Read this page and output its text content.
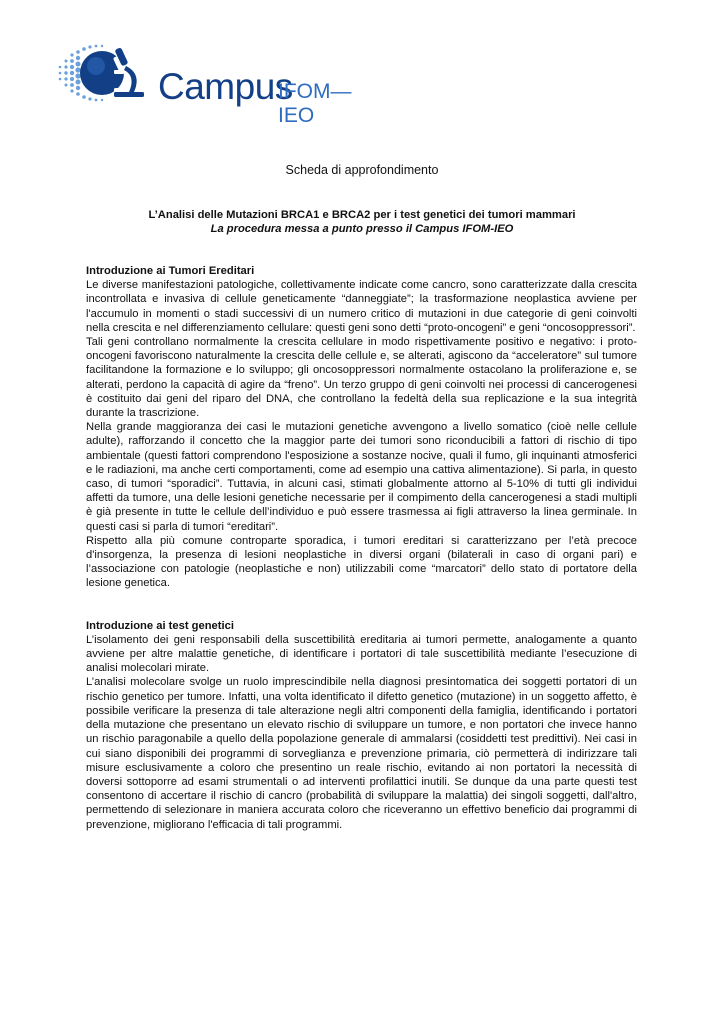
Campus
IFOM—IEO
Scheda di approfondimento
L’Analisi delle Mutazioni BRCA1 e BRCA2 per i test genetici dei tumori mammari
La procedura messa a punto presso il Campus IFOM-IEO
Introduzione ai Tumori Ereditari

Le diverse manifestazioni patologiche, collettivamente indicate come cancro, sono caratterizzate dalla crescita incontrollata e invasiva di cellule geneticamente “danneggiate”; la trasformazione neoplastica avviene per l'accumulo in momenti o stadi successivi di un numero critico di mutazioni in due categorie di geni coinvolti nella crescita e nel differenziamento cellulare: questi geni sono detti “proto-oncogeni” e geni “oncosoppressori”.

Tali geni controllano normalmente la crescita cellulare in modo rispettivamente positivo e negativo: i proto-oncogeni favoriscono naturalmente la crescita delle cellule e, se alterati, agiscono da “acceleratore” sul tumore facilitandone la formazione e lo sviluppo; gli oncosoppressori normalmente ostacolano la proliferazione e, se alterati, perdono la capacità di agire da “freno”. Un terzo gruppo di geni coinvolti nei processi di cancerogenesi è costituito dai geni del riparo del DNA, che controllano la fedeltà della sua replicazione e la sua integrità durante la trascrizione.

Nella grande maggioranza dei casi le mutazioni genetiche avvengono a livello somatico (cioè nelle cellule adulte), rafforzando il concetto che la maggior parte dei tumori sono riconducibili a fattori di rischio di tipo ambientale (questi fattori comprendono l'esposizione a sostanze nocive, quali il fumo, gli inquinanti atmosferici e le radiazioni, ma anche certi comportamenti, come ad esempio una cattiva alimentazione). Si parla, in questo caso, di tumori “sporadici”. Tuttavia, in alcuni casi, stimati globalmente attorno al 5-10% di tutti gli individui affetti da tumore, una delle lesioni genetiche necessarie per il compimento della cancerogenesi a stadi multipli è già presente in tutte le cellule dell’individuo e può essere trasmessa ai figli attraverso la linea germinale. In questi casi si parla di tumori “ereditari”.

Rispetto alla più comune controparte sporadica, i tumori ereditari si caratterizzano per l’età precoce d'insorgenza, la presenza di lesioni neoplastiche in diversi organi (bilaterali in caso di organi pari) e l’associazione con patologie (neoplastiche e non) utilizzabili come “marcatori” dello stato di portatore della lesione genetica.

Introduzione ai test genetici

L’isolamento dei geni responsabili della suscettibilità ereditaria ai tumori permette, analogamente a quanto avviene per altre malattie genetiche, di identificare i portatori di tale suscettibilità mediante l’esecuzione di analisi molecolari mirate.

L’analisi molecolare svolge un ruolo imprescindibile nella diagnosi presintomatica dei soggetti portatori di un rischio genetico per tumore. Infatti, una volta identificato il difetto genetico (mutazione) in un soggetto affetto, è possibile verificare la presenza di tale alterazione negli altri componenti della famiglia, identificando i portatori della mutazione che presentano un elevato rischio di sviluppare un tumore, e non portatori che invece hanno un rischio paragonabile a quello della popolazione generale di ammalarsi (cosiddetti test predittivi). Nei casi in cui siano disponibili dei programmi di sorveglianza e prevenzione primaria, ciò permetterà di indirizzare tali misure esclusivamente a coloro che presentino un reale rischio, evitando ai non portatori la necessità di doversi sottoporre ad esami strumentali o ad interventi profilattici inutili. Se dunque da una parte questi test consentono di accertare il rischio di cancro (probabilità di sviluppare la malattia) dei singoli soggetti, dall'altro, permettendo di selezionare in maniera accurata coloro che riceveranno un effettivo beneficio dai programmi di prevenzione, migliorano l'efficacia di tali programmi.
